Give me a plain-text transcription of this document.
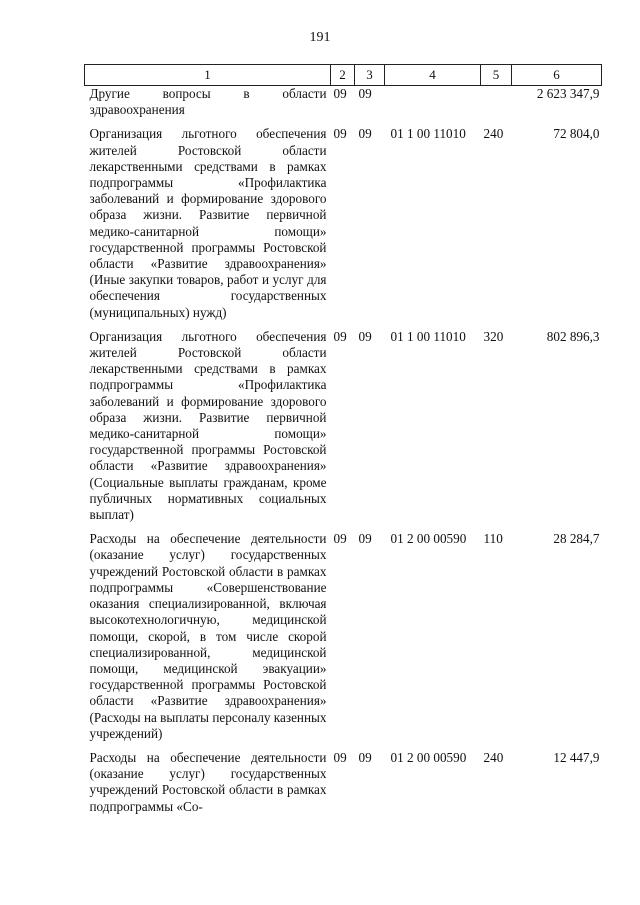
191
1	2	3	4	5	6
Другие вопросы в области здравоохранения	09	09			2 623 347,9
Организация льготного обеспечения жителей Ростовской области лекарственными средствами в рамках подпрограммы «Профилактика заболеваний и формирование здорового образа жизни. Развитие первичной медико-санитарной помощи» государственной программы Ростовской области «Развитие здравоохранения» (Иные закупки товаров, работ и услуг для обеспечения государственных (муниципальных) нужд)	09	09	01 1 00 11010	240	72 804,0
Организация льготного обеспечения жителей Ростовской области лекарственными средствами в рамках подпрограммы «Профилактика заболеваний и формирование здорового образа жизни. Развитие первичной медико-санитарной помощи» государственной программы Ростовской области «Развитие здравоохранения» (Социальные выплаты гражданам, кроме публичных нормативных социальных выплат)	09	09	01 1 00 11010	320	802 896,3
Расходы на обеспечение деятельности (оказание услуг) государственных учреждений Ростовской области в рамках подпрограммы «Совершенствование оказания специализированной, включая высокотехнологичную, медицинской помощи, скорой, в том числе скорой специализированной, медицинской помощи, медицинской эвакуации» государственной программы Ростовской области «Развитие здравоохранения» (Расходы на выплаты персоналу казенных учреждений)	09	09	01 2 00 00590	110	28 284,7
Расходы на обеспечение деятельности (оказание услуг) государственных учреждений Ростовской области в рамках подпрограммы «Со-	09	09	01 2 00 00590	240	12 447,9
